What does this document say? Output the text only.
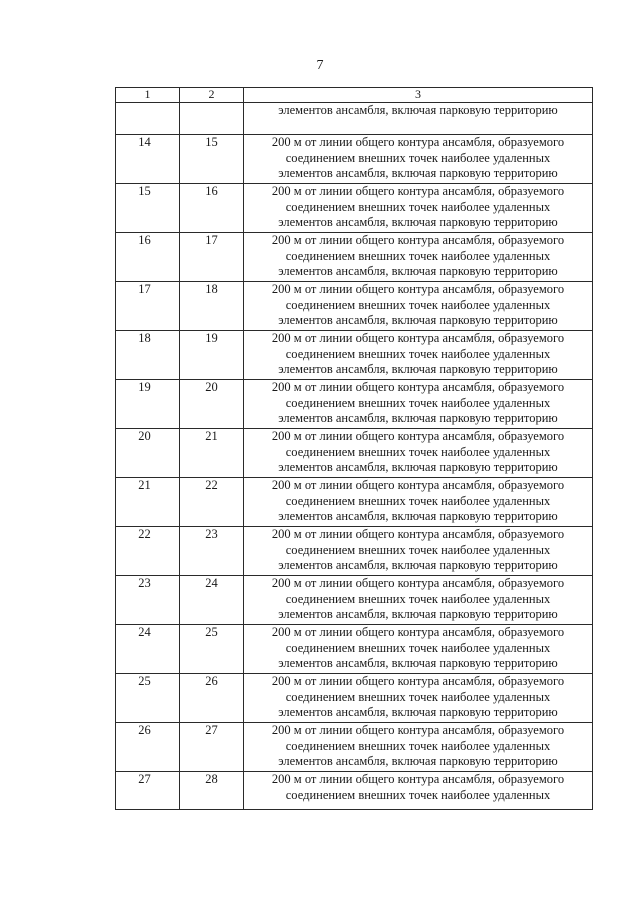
7
1	2	3

		элементов ансамбля, включая парковую территорию

14	15	200 м от линии общего контура ансамбля, образуемого
соединением внешних точек наиболее удаленных
элементов ансамбля, включая парковую территорию

15	16	200 м от линии общего контура ансамбля, образуемого
соединением внешних точек наиболее удаленных
элементов ансамбля, включая парковую территорию

16	17	200 м от линии общего контура ансамбля, образуемого
соединением внешних точек наиболее удаленных
элементов ансамбля, включая парковую территорию

17	18	200 м от линии общего контура ансамбля, образуемого
соединением внешних точек наиболее удаленных
элементов ансамбля, включая парковую территорию

18	19	200 м от линии общего контура ансамбля, образуемого
соединением внешних точек наиболее удаленных
элементов ансамбля, включая парковую территорию

19	20	200 м от линии общего контура ансамбля, образуемого
соединением внешних точек наиболее удаленных
элементов ансамбля, включая парковую территорию

20	21	200 м от линии общего контура ансамбля, образуемого
соединением внешних точек наиболее удаленных
элементов ансамбля, включая парковую территорию

21	22	200 м от линии общего контура ансамбля, образуемого
соединением внешних точек наиболее удаленных
элементов ансамбля, включая парковую территорию

22	23	200 м от линии общего контура ансамбля, образуемого
соединением внешних точек наиболее удаленных
элементов ансамбля, включая парковую территорию

23	24	200 м от линии общего контура ансамбля, образуемого
соединением внешних точек наиболее удаленных
элементов ансамбля, включая парковую территорию

24	25	200 м от линии общего контура ансамбля, образуемого
соединением внешних точек наиболее удаленных
элементов ансамбля, включая парковую территорию

25	26	200 м от линии общего контура ансамбля, образуемого
соединением внешних точек наиболее удаленных
элементов ансамбля, включая парковую территорию

26	27	200 м от линии общего контура ансамбля, образуемого
соединением внешних точек наиболее удаленных
элементов ансамбля, включая парковую территорию

27	28	200 м от линии общего контура ансамбля, образуемого
соединением внешних точек наиболее удаленных
